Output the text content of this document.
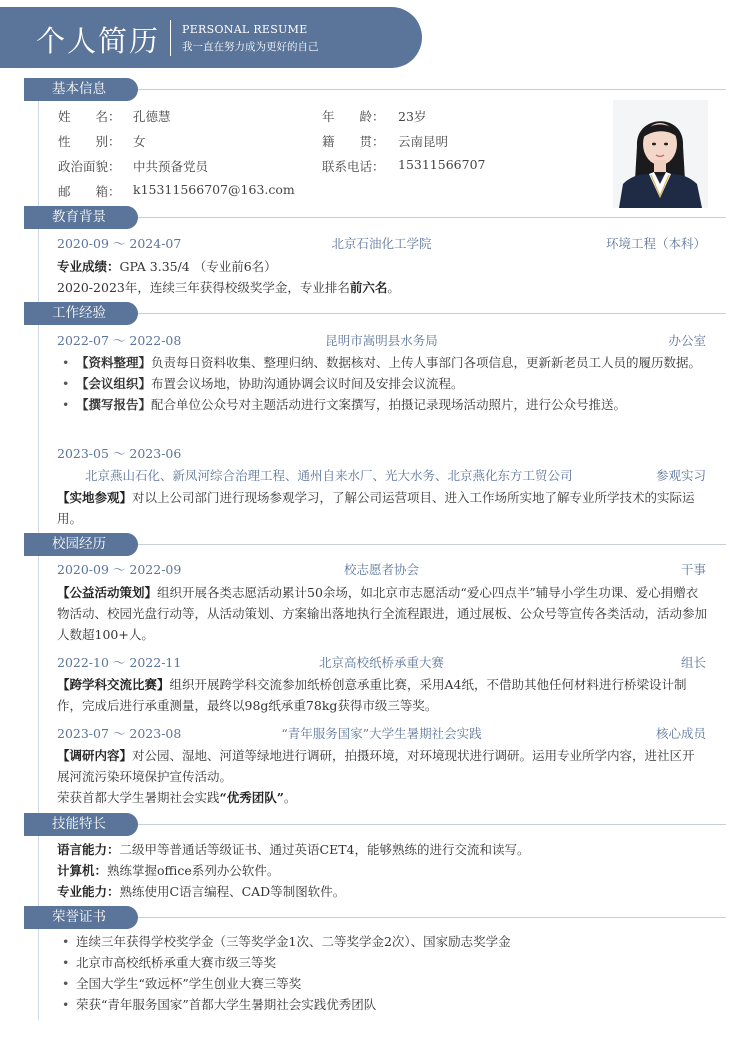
个人简历 PERSONAL RESUME
我一直在努力成为更好的自己
基本信息
姓　　名： 孔德慧
性　　别： 女
政治面貌： 中共预备党员
邮　　箱： k15311566707@163.com
年　　龄： 23岁
籍　　贯： 云南昆明
联系电话： 15311566707
教育背景
2020-09 ～ 2024-07	北京石油化工学院	环境工程（本科）
专业成绩：GPA 3.35/4 （专业前6名）
2020-2023年，连续三年获得校级奖学金，专业排名前六名。
工作经验
2022-07 ～ 2022-08	昆明市嵩明县水务局	办公室
• 【资料整理】负责每日资料收集、整理归纳、数据核对、上传人事部门各项信息，更新新老员工人员的履历数据。
• 【会议组织】布置会议场地，协助沟通协调会议时间及安排会议流程。
• 【撰写报告】配合单位公众号对主题活动进行文案撰写，拍摄记录现场活动照片，进行公众号推送。
2023-05 ～ 2023-06
北京燕山石化、新凤河综合治理工程、通州自来水厂、光大水务、北京燕化东方工贸公司	参观实习
【实地参观】对以上公司部门进行现场参观学习，了解公司运营项目、进入工作场所实地了解专业所学技术的实际运用。
校园经历
2020-09 ～ 2022-09	校志愿者协会	干事
【公益活动策划】组织开展各类志愿活动累计50余场，如北京市志愿活动“爱心四点半”辅导小学生功课、爱心捐赠衣物活动、校园光盘行动等，从活动策划、方案输出落地执行全流程跟进，通过展板、公众号等宣传各类活动，活动参加人数超100+人。
2022-10 ～ 2022-11	北京高校纸桥承重大赛	组长
【跨学科交流比赛】组织开展跨学科交流参加纸桥创意承重比赛，采用A4纸，不借助其他任何材料进行桥梁设计制作，完成后进行承重测量，最终以98g纸承重78kg获得市级三等奖。
2023-07 ～ 2023-08	“青年服务国家”大学生暑期社会实践	核心成员
【调研内容】对公园、湿地、河道等绿地进行调研，拍摄环境，对环境现状进行调研。运用专业所学内容，进社区开展河流污染环境保护宣传活动。
荣获首都大学生暑期社会实践“优秀团队”。
技能特长
语言能力：二级甲等普通话等级证书、通过英语CET4，能够熟练的进行交流和读写。
计算机：熟练掌握office系列办公软件。
专业能力：熟练使用C语言编程、CAD等制图软件。
荣誉证书
• 连续三年获得学校奖学金（三等奖学金1次、二等奖学金2次）、国家励志奖学金
• 北京市高校纸桥承重大赛市级三等奖
• 全国大学生“致远杯”学生创业大赛三等奖
• 荣获“青年服务国家”首都大学生暑期社会实践优秀团队
